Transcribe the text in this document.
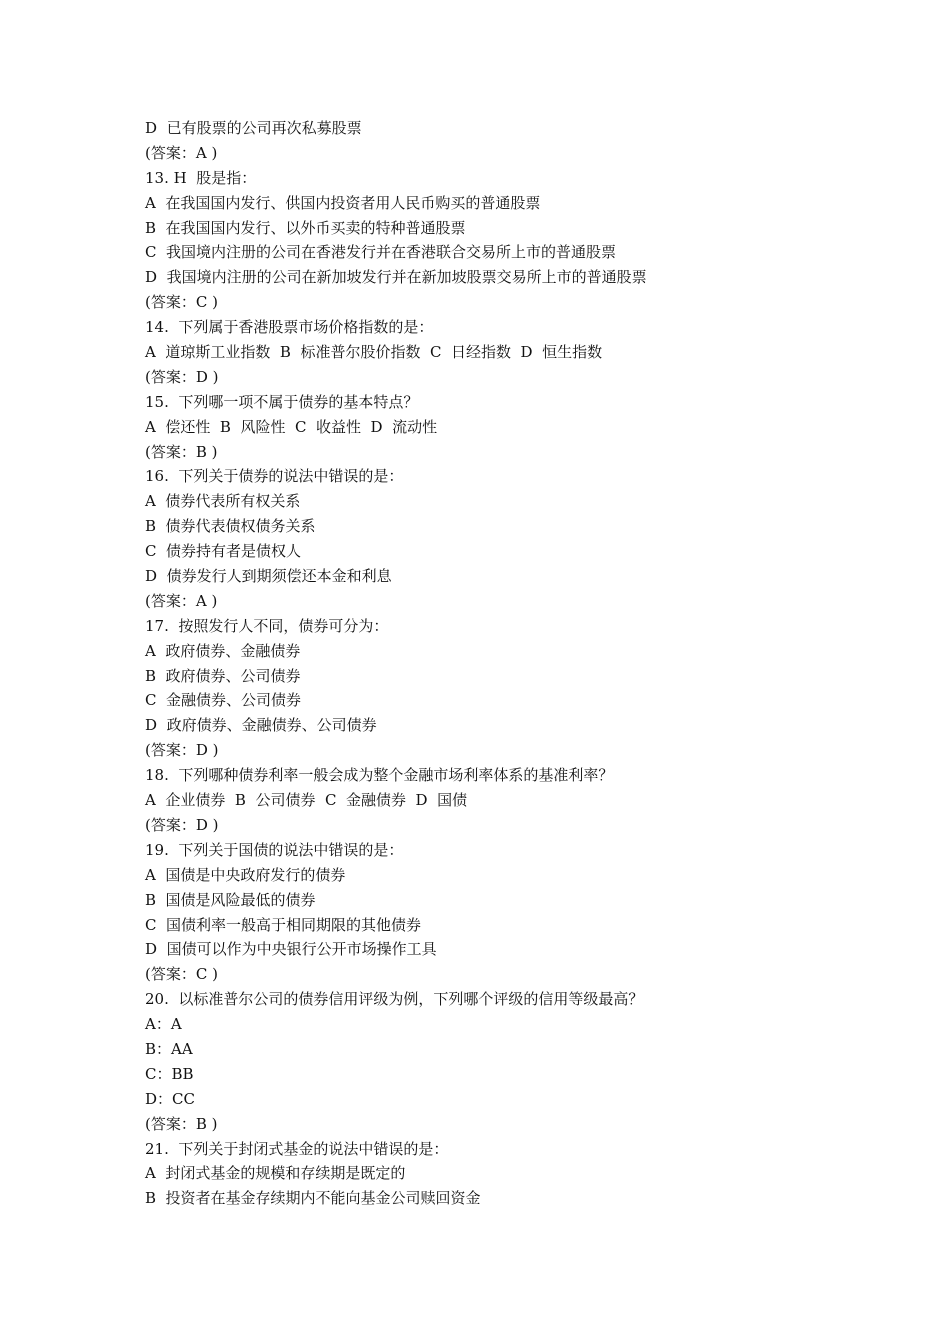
D  已有股票的公司再次私募股票
(答案：A )
13. H  股是指：
A  在我国国内发行、供国内投资者用人民币购买的普通股票
B  在我国国内发行、以外币买卖的特种普通股票
C  我国境内注册的公司在香港发行并在香港联合交易所上市的普通股票
D  我国境内注册的公司在新加坡发行并在新加坡股票交易所上市的普通股票
(答案：C )
14.  下列属于香港股票市场价格指数的是：
A  道琼斯工业指数  B  标准普尔股价指数  C  日经指数  D  恒生指数
(答案：D )
15.  下列哪一项不属于债券的基本特点？
A  偿还性  B  风险性  C  收益性  D  流动性
(答案：B )
16.  下列关于债券的说法中错误的是：
A  债券代表所有权关系
B  债券代表债权债务关系
C  债券持有者是债权人
D  债券发行人到期须偿还本金和利息
(答案：A )
17.  按照发行人不同，债券可分为：
A  政府债券、金融债券
B  政府债券、公司债券
C  金融债券、公司债券
D  政府债券、金融债券、公司债券
(答案：D )
18.  下列哪种债券利率一般会成为整个金融市场利率体系的基准利率？
A  企业债券  B  公司债券  C  金融债券  D  国债
(答案：D )
19.  下列关于国债的说法中错误的是：
A  国债是中央政府发行的债券
B  国债是风险最低的债券
C  国债利率一般高于相同期限的其他债券
D  国债可以作为中央银行公开市场操作工具
(答案：C )
20.  以标准普尔公司的债券信用评级为例，下列哪个评级的信用等级最高？
A：A
B：AA
C：BB
D：CC
(答案：B )
21.  下列关于封闭式基金的说法中错误的是：
A  封闭式基金的规模和存续期是既定的
B  投资者在基金存续期内不能向基金公司赎回资金
